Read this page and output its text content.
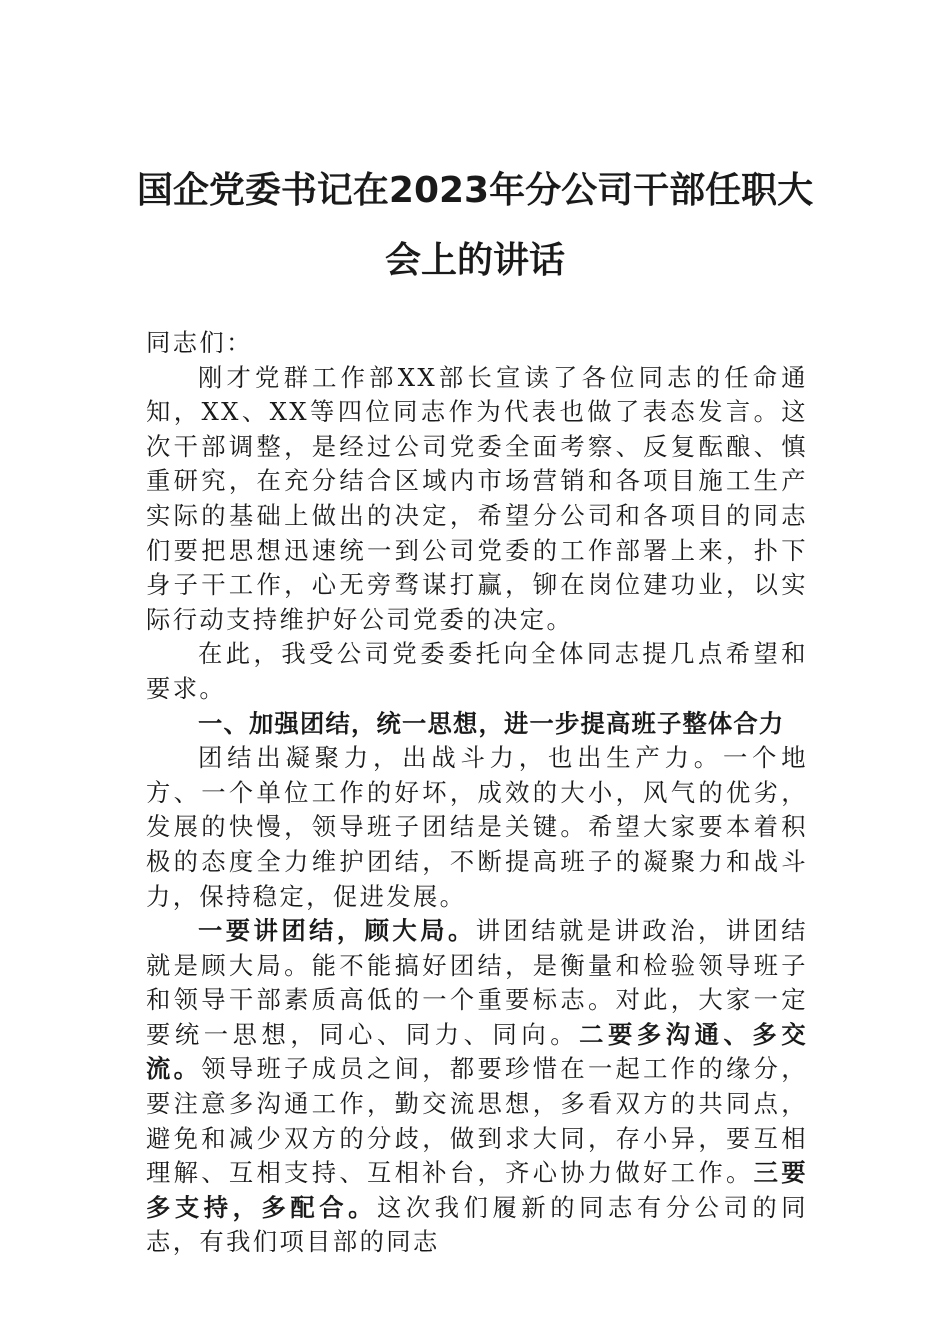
国企党委书记在2023年分公司干部任职大
会上的讲话

同志们：

刚才党群工作部XX部长宣读了各位同志的任命通知，XX、XX等四位同志作为代表也做了表态发言。这次干部调整，是经过公司党委全面考察、反复酝酿、慎重研究，在充分结合区域内市场营销和各项目施工生产实际的基础上做出的决定，希望分公司和各项目的同志们要把思想迅速统一到公司党委的工作部署上来，扑下身子干工作，心无旁骛谋打赢，铆在岗位建功业，以实际行动支持维护好公司党委的决定。

在此，我受公司党委委托向全体同志提几点希望和要求。

一、加强团结，统一思想，进一步提高班子整体合力

团结出凝聚力，出战斗力，也出生产力。一个地方、一个单位工作的好坏，成效的大小，风气的优劣，发展的快慢，领导班子团结是关键。希望大家要本着积极的态度全力维护团结，不断提高班子的凝聚力和战斗力，保持稳定，促进发展。

一要讲团结，顾大局。讲团结就是讲政治，讲团结就是顾大局。能不能搞好团结，是衡量和检验领导班子和领导干部素质高低的一个重要标志。对此，大家一定要统一思想，同心、同力、同向。二要多沟通、多交流。领导班子成员之间，都要珍惜在一起工作的缘分，要注意多沟通工作，勤交流思想，多看双方的共同点，避免和减少双方的分歧，做到求大同，存小异，要互相理解、互相支持、互相补台，齐心协力做好工作。三要多支持，多配合。这次我们履新的同志有分公司的同志，有我们项目部的同志
